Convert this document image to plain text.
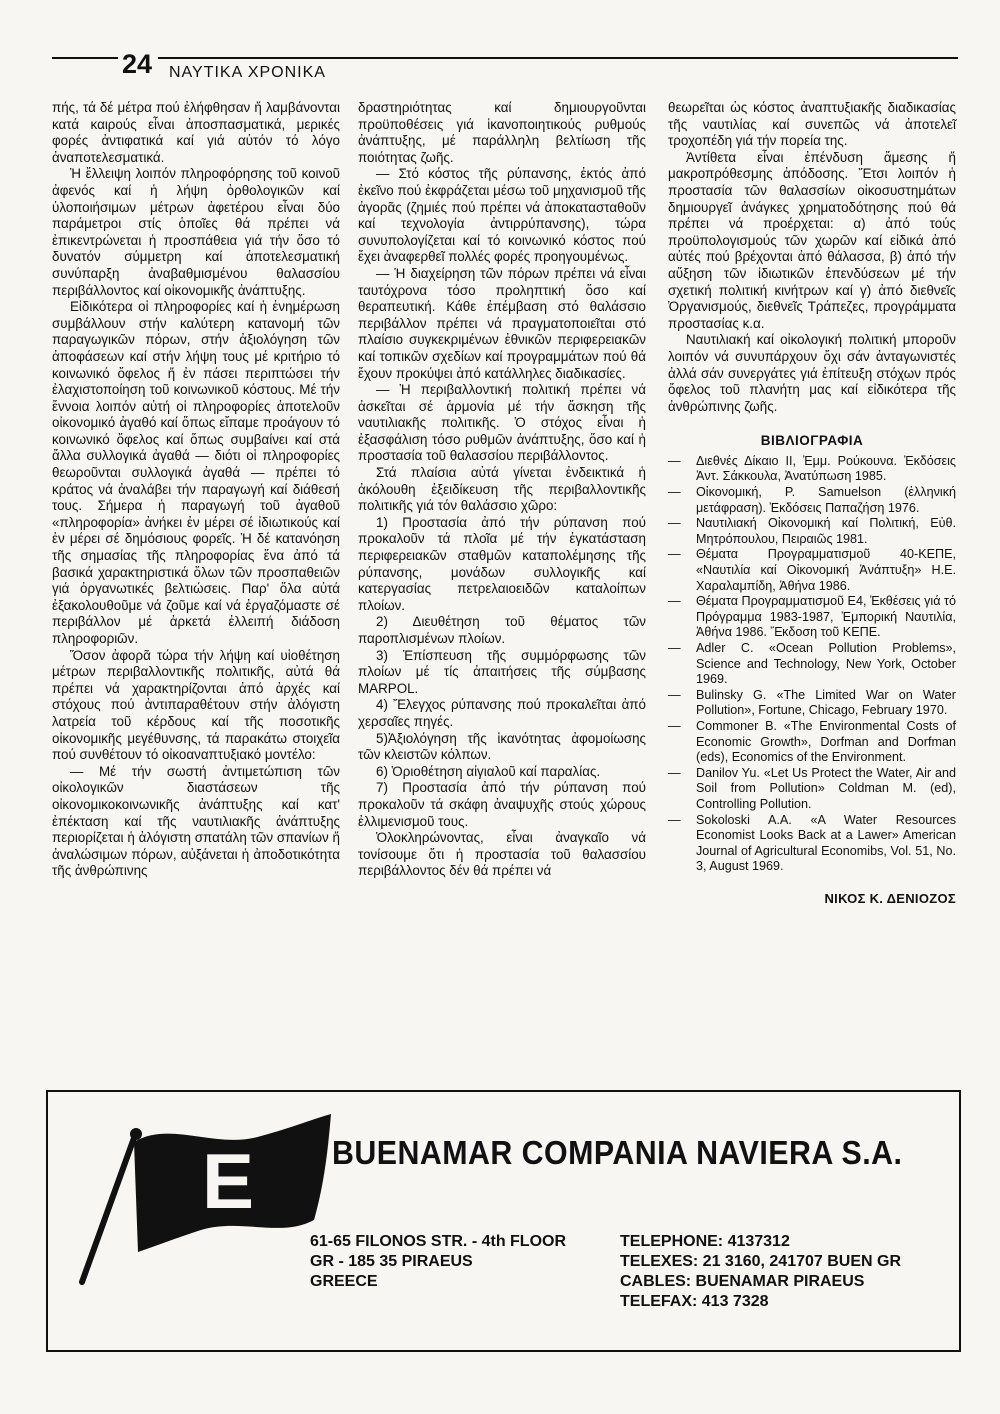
24	ΝΑΥΤΙΚΑ ΧΡΟΝΙΚΑ

πής, τά δέ μέτρα πού ἐλήφθησαν ἤ λαμβάνονται κατά καιρούς εἶναι ἀποσπασματικά, μερικές φορές ἀντιφατικά καί γιά αὐτόν τό λόγο ἀναποτελεσματικά.

Ἡ ἔλλειψη λοιπόν πληροφόρησης τοῦ κοινοῦ ἀφενός καί ἡ λήψη ὀρθολογικῶν καί ὑλοποιήσιμων μέτρων ἀφετέρου εἶναι δύο παράμετροι στίς ὁποῖες θά πρέπει νά ἐπικεντρώνεται ἡ προσπάθεια γιά τήν ὅσο τό δυνατόν σύμμετρη καί ἀποτελεσματική συνύπαρξη ἀναβαθμισμένου θαλασσίου περιβάλλοντος καί οἰκονομικῆς ἀνάπτυξης.

Εἰδικότερα οἱ πληροφορίες καί ἡ ἐνημέρωση συμβάλλουν στήν καλύτερη κατανομή τῶν παραγωγικῶν πόρων, στήν ἀξιολόγηση τῶν ἀποφάσεων καί στήν λήψη τους μέ κριτήριο τό κοινωνικό ὄφελος ἤ ἐν πάσει περιπτώσει τήν ἐλαχιστοποίηση τοῦ κοινωνικοῦ κόστους. Μέ τήν ἔννοια λοιπόν αὐτή οἱ πληροφορίες ἀποτελοῦν οἰκονομικό ἀγαθό καί ὅπως εἴπαμε προάγουν τό κοινωνικό ὄφελος καί ὅπως συμβαίνει καί στά ἄλλα συλλογικά ἀγαθά — διότι οἱ πληροφορίες θεωροῦνται συλλογικά ἀγαθά — πρέπει τό κράτος νά ἀναλάβει τήν παραγωγή καί διάθεσή τους. Σήμερα ἡ παραγωγή τοῦ ἀγαθοῦ «πληροφορία» ἀνήκει ἐν μέρει σέ ἰδιωτικούς καί ἐν μέρει σέ δημόσιους φορεῖς. Ἡ δέ κατανόηση τῆς σημασίας τῆς πληροφορίας ἕνα ἀπό τά βασικά χαρακτηριστικά ὅλων τῶν προσπαθειῶν γιά ὀργανωτικές βελτιώσεις. Παρ' ὅλα αὐτά ἐξακολουθοῦμε νά ζοῦμε καί νά ἐργαζόμαστε σέ περιβάλλον μέ ἀρκετά ἐλλειπή διάδοση πληροφοριῶν.

Ὅσον ἀφορᾶ τώρα τήν λήψη καί υἱοθέτηση μέτρων περιβαλλοντικῆς πολιτικῆς, αὐτά θά πρέπει νά χαρακτηρίζονται ἀπό ἀρχές καί στόχους πού ἀντιπαραθέτουν στήν ἀλόγιστη λατρεία τοῦ κέρδους καί τῆς ποσοτικῆς οἰκονομικῆς μεγέθυνσης, τά παρακάτω στοιχεῖα πού συνθέτουν τό οἰκοαναπτυξιακό μοντέλο:

— Μέ τήν σωστή ἀντιμετώπιση τῶν οἰκολογικῶν διαστάσεων τῆς οἰκονομικοκοινωνικῆς ἀνάπτυξης καί κατ' ἐπέκταση καί τῆς ναυτιλιακῆς ἀνάπτυξης περιορίζεται ἡ ἀλόγιστη σπατάλη τῶν σπανίων ἤ ἀναλώσιμων πόρων, αὐξάνεται ἡ ἀποδοτικότητα τῆς ἀνθρώπινης

δραστηριότητας καί δημιουργοῦνται προϋποθέσεις γιά ἱκανοποιητικούς ρυθμούς ἀνάπτυξης, μέ παράλληλη βελτίωση τῆς ποιότητας ζωῆς.

— Στό κόστος τῆς ρύπανσης, ἐκτός ἀπό ἐκεῖνο πού ἐκφράζεται μέσω τοῦ μηχανισμοῦ τῆς ἀγορᾶς (ζημιές πού πρέπει νά ἀποκατασταθοῦν καί τεχνολογία ἀντιρρύπανσης), τώρα συνυπολογίζεται καί τό κοινωνικό κόστος πού ἔχει ἀναφερθεῖ πολλές φορές προηγουμένως.

— Ἡ διαχείρηση τῶν πόρων πρέπει νά εἶναι ταυτόχρονα τόσο προληπτική ὅσο καί θεραπευτική. Κάθε ἐπέμβαση στό θαλάσσιο περιβάλλον πρέπει νά πραγματοποιεῖται στό πλαίσιο συγκεκριμένων ἐθνικῶν περιφερειακῶν καί τοπικῶν σχεδίων καί προγραμμάτων πού θά ἔχουν προκύψει ἀπό κατάλληλες διαδικασίες.

— Ἡ περιβαλλοντική πολιτική πρέπει νά ἀσκεῖται σέ ἁρμονία μέ τήν ἄσκηση τῆς ναυτιλιακῆς πολιτικῆς. Ὁ στόχος εἶναι ἡ ἐξασφάλιση τόσο ρυθμῶν ἀνάπτυξης, ὅσο καί ἡ προστασία τοῦ θαλασσίου περιβάλλοντος.

Στά πλαίσια αὐτά γίνεται ἐνδεικτικά ἡ ἀκόλουθη ἐξειδίκευση τῆς περιβαλλοντικῆς πολιτικῆς γιά τόν θαλάσσιο χῶρο:

1) Προστασία ἀπό τήν ρύπανση πού προκαλοῦν τά πλοῖα μέ τήν ἐγκατάσταση περιφερειακῶν σταθμῶν καταπολέμησης τῆς ρύπανσης, μονάδων συλλογικῆς καί κατεργασίας πετρελαιοειδῶν καταλοίπων πλοίων.

2) Διευθέτηση τοῦ θέματος τῶν παροπλισμένων πλοίων.

3) Ἐπίσπευση τῆς συμμόρφωσης τῶν πλοίων μέ τίς ἀπαιτήσεις τῆς σύμβασης MARPOL.

4) Ἔλεγχος ρύπανσης πού προκαλεῖται ἀπό χερσαῖες πηγές.

5)Ἀξιολόγηση τῆς ἱκανότητας ἀφομοίωσης τῶν κλειστῶν κόλπων.

6) Ὁριοθέτηση αἰγιαλοῦ καί παραλίας.

7) Προστασία ἀπό τήν ρύπανση πού προκαλοῦν τά σκάφη ἀναψυχῆς στούς χώρους ἐλλιμενισμοῦ τους.

Ὁλοκληρώνοντας, εἶναι ἀναγκαῖο νά τονίσουμε ὅτι ἡ προστασία τοῦ θαλασσίου περιβάλλοντος δέν θά πρέπει νά

θεωρεῖται ὡς κόστος ἀναπτυξιακῆς διαδικασίας τῆς ναυτιλίας καί συνεπῶς νά ἀποτελεῖ τροχοπέδη γιά τήν πορεία της.

Ἀντίθετα εἶναι ἐπένδυση ἄμεσης ἤ μακροπρόθεσμης ἀπόδοσης. Ἔτσι λοιπόν ἡ προστασία τῶν θαλασσίων οἰκοσυστημάτων δημιουργεῖ ἀνάγκες χρηματοδότησης πού θά πρέπει νά προέρχεται: α) ἀπό τούς προϋπολογισμούς τῶν χωρῶν καί εἰδικά ἀπό αὐτές πού βρέχονται ἀπό θάλασσα, β) ἀπό τήν αὔξηση τῶν ἰδιωτικῶν ἐπενδύσεων μέ τήν σχετική πολιτική κινήτρων καί γ) ἀπό διεθνεῖς Ὀργανισμούς, διεθνεῖς Τράπεζες, προγράμματα προστασίας κ.α.

Ναυτιλιακή καί οἰκολογική πολιτική μποροῦν λοιπόν νά συνυπάρχουν ὄχι σάν ἀνταγωνιστές ἀλλά σάν συνεργάτες γιά ἐπίτευξη στόχων πρός ὄφελος τοῦ πλανήτη μας καί εἰδικότερα τῆς ἀνθρώπινης ζωῆς.

ΒΙΒΛΙΟΓΡΑΦΙΑ
— Διεθνές Δίκαιο ΙΙ, Ἐμμ. Ρούκουνα. Ἐκδόσεις Ἀντ. Σάκκουλα, Ἀνατύπωση 1985.
— Οἰκονομική, P. Samuelson (ἑλληνική μετάφραση). Ἐκδόσεις Παπαζήση 1976.
— Ναυτιλιακή Οἰκονομική καί Πολιτική, Εὐθ. Μητρόπουλου, Πειραιῶς 1981.
— Θέματα Προγραμματισμοῦ 40-ΚΕΠΕ, «Ναυτιλία καί Οἰκονομική Ἀνάπτυξη» Η.Ε. Χαραλαμπίδη, Ἀθήνα 1986.
— Θέματα Προγραμματισμοῦ Ε4, Ἐκθέσεις γιά τό Πρόγραμμα 1983-1987, Ἐμπορική Ναυτιλία, Ἀθήνα 1986. Ἔκδοση τοῦ ΚΕΠΕ.
— Adler C. «Ocean Pollution Problems», Science and Technology, New York, October 1969.
— Bulinsky G. «The Limited War on Water Pollution», Fortune, Chicago, February 1970.
— Commoner B. «The Environmental Costs of Economic Growth», Dorfman and Dorfman (eds), Economics of the Environment.
— Danilov Yu. «Let Us Protect the Water, Air and Soil from Pollution» Coldman M. (ed), Controlling Pollution.
— Sokoloski A.A. «A Water Resources Economist Looks Back at a Lawer» American Journal of Agricultural Economibs, Vol. 51, No. 3, August 1969.
ΝΙΚΟΣ Κ. ΔΕΝΙΟΖΟΣ
E BUENAMAR COMPANIA NAVIERA S.A.
61-65 FILONOS STR. - 4th FLOOR
GR - 185 35 PIRAEUS
GREECE
TELEPHONE: 4137312
TELEXES: 21 3160, 241707 BUEN GR
CABLES: BUENAMAR PIRAEUS
TELEFAX: 413 7328
